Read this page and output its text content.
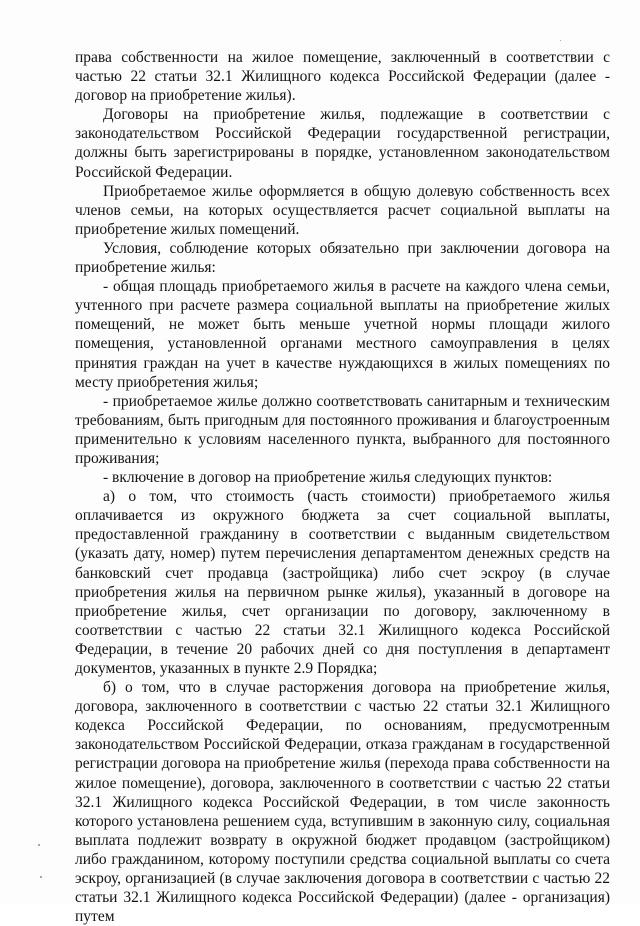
права собственности на жилое помещение, заключенный в соответствии с частью 22 статьи 32.1 Жилищного кодекса Российской Федерации (далее - договор на приобретение жилья).

Договоры на приобретение жилья, подлежащие в соответствии с законодательством Российской Федерации государственной регистрации, должны быть зарегистрированы в порядке, установленном законодательством Российской Федерации.

Приобретаемое жилье оформляется в общую долевую собственность всех членов семьи, на которых осуществляется расчет социальной выплаты на приобретение жилых помещений.

Условия, соблюдение которых обязательно при заключении договора на приобретение жилья:

- общая площадь приобретаемого жилья в расчете на каждого члена семьи, учтенного при расчете размера социальной выплаты на приобретение жилых помещений, не может быть меньше учетной нормы площади жилого помещения, установленной органами местного самоуправления в целях принятия граждан на учет в качестве нуждающихся в жилых помещениях по месту приобретения жилья;

- приобретаемое жилье должно соответствовать санитарным и техническим требованиям, быть пригодным для постоянного проживания и благоустроенным применительно к условиям населенного пункта, выбранного для постоянного проживания;

- включение в договор на приобретение жилья следующих пунктов:

а) о том, что стоимость (часть стоимости) приобретаемого жилья оплачивается из окружного бюджета за счет социальной выплаты, предоставленной гражданину в соответствии с выданным свидетельством (указать дату, номер) путем перечисления департаментом денежных средств на банковский счет продавца (застройщика) либо счет эскроу (в случае приобретения жилья на первичном рынке жилья), указанный в договоре на приобретение жилья, счет организации по договору, заключенному в соответствии с частью 22 статьи 32.1 Жилищного кодекса Российской Федерации, в течение 20 рабочих дней со дня поступления в департамент документов, указанных в пункте 2.9 Порядка;

б) о том, что в случае расторжения договора на приобретение жилья, договора, заключенного в соответствии с частью 22 статьи 32.1 Жилищного кодекса Российской Федерации, по основаниям, предусмотренным законодательством Российской Федерации, отказа гражданам в государственной регистрации договора на приобретение жилья (перехода права собственности на жилое помещение), договора, заключенного в соответствии с частью 22 статьи 32.1 Жилищного кодекса Российской Федерации, в том числе законность которого установлена решением суда, вступившим в законную силу, социальная выплата подлежит возврату в окружной бюджет продавцом (застройщиком) либо гражданином, которому поступили средства социальной выплаты со счета эскроу, организацией (в случае заключения договора в соответствии с частью 22 статьи 32.1 Жилищного кодекса Российской Федерации) (далее - организация) путем
